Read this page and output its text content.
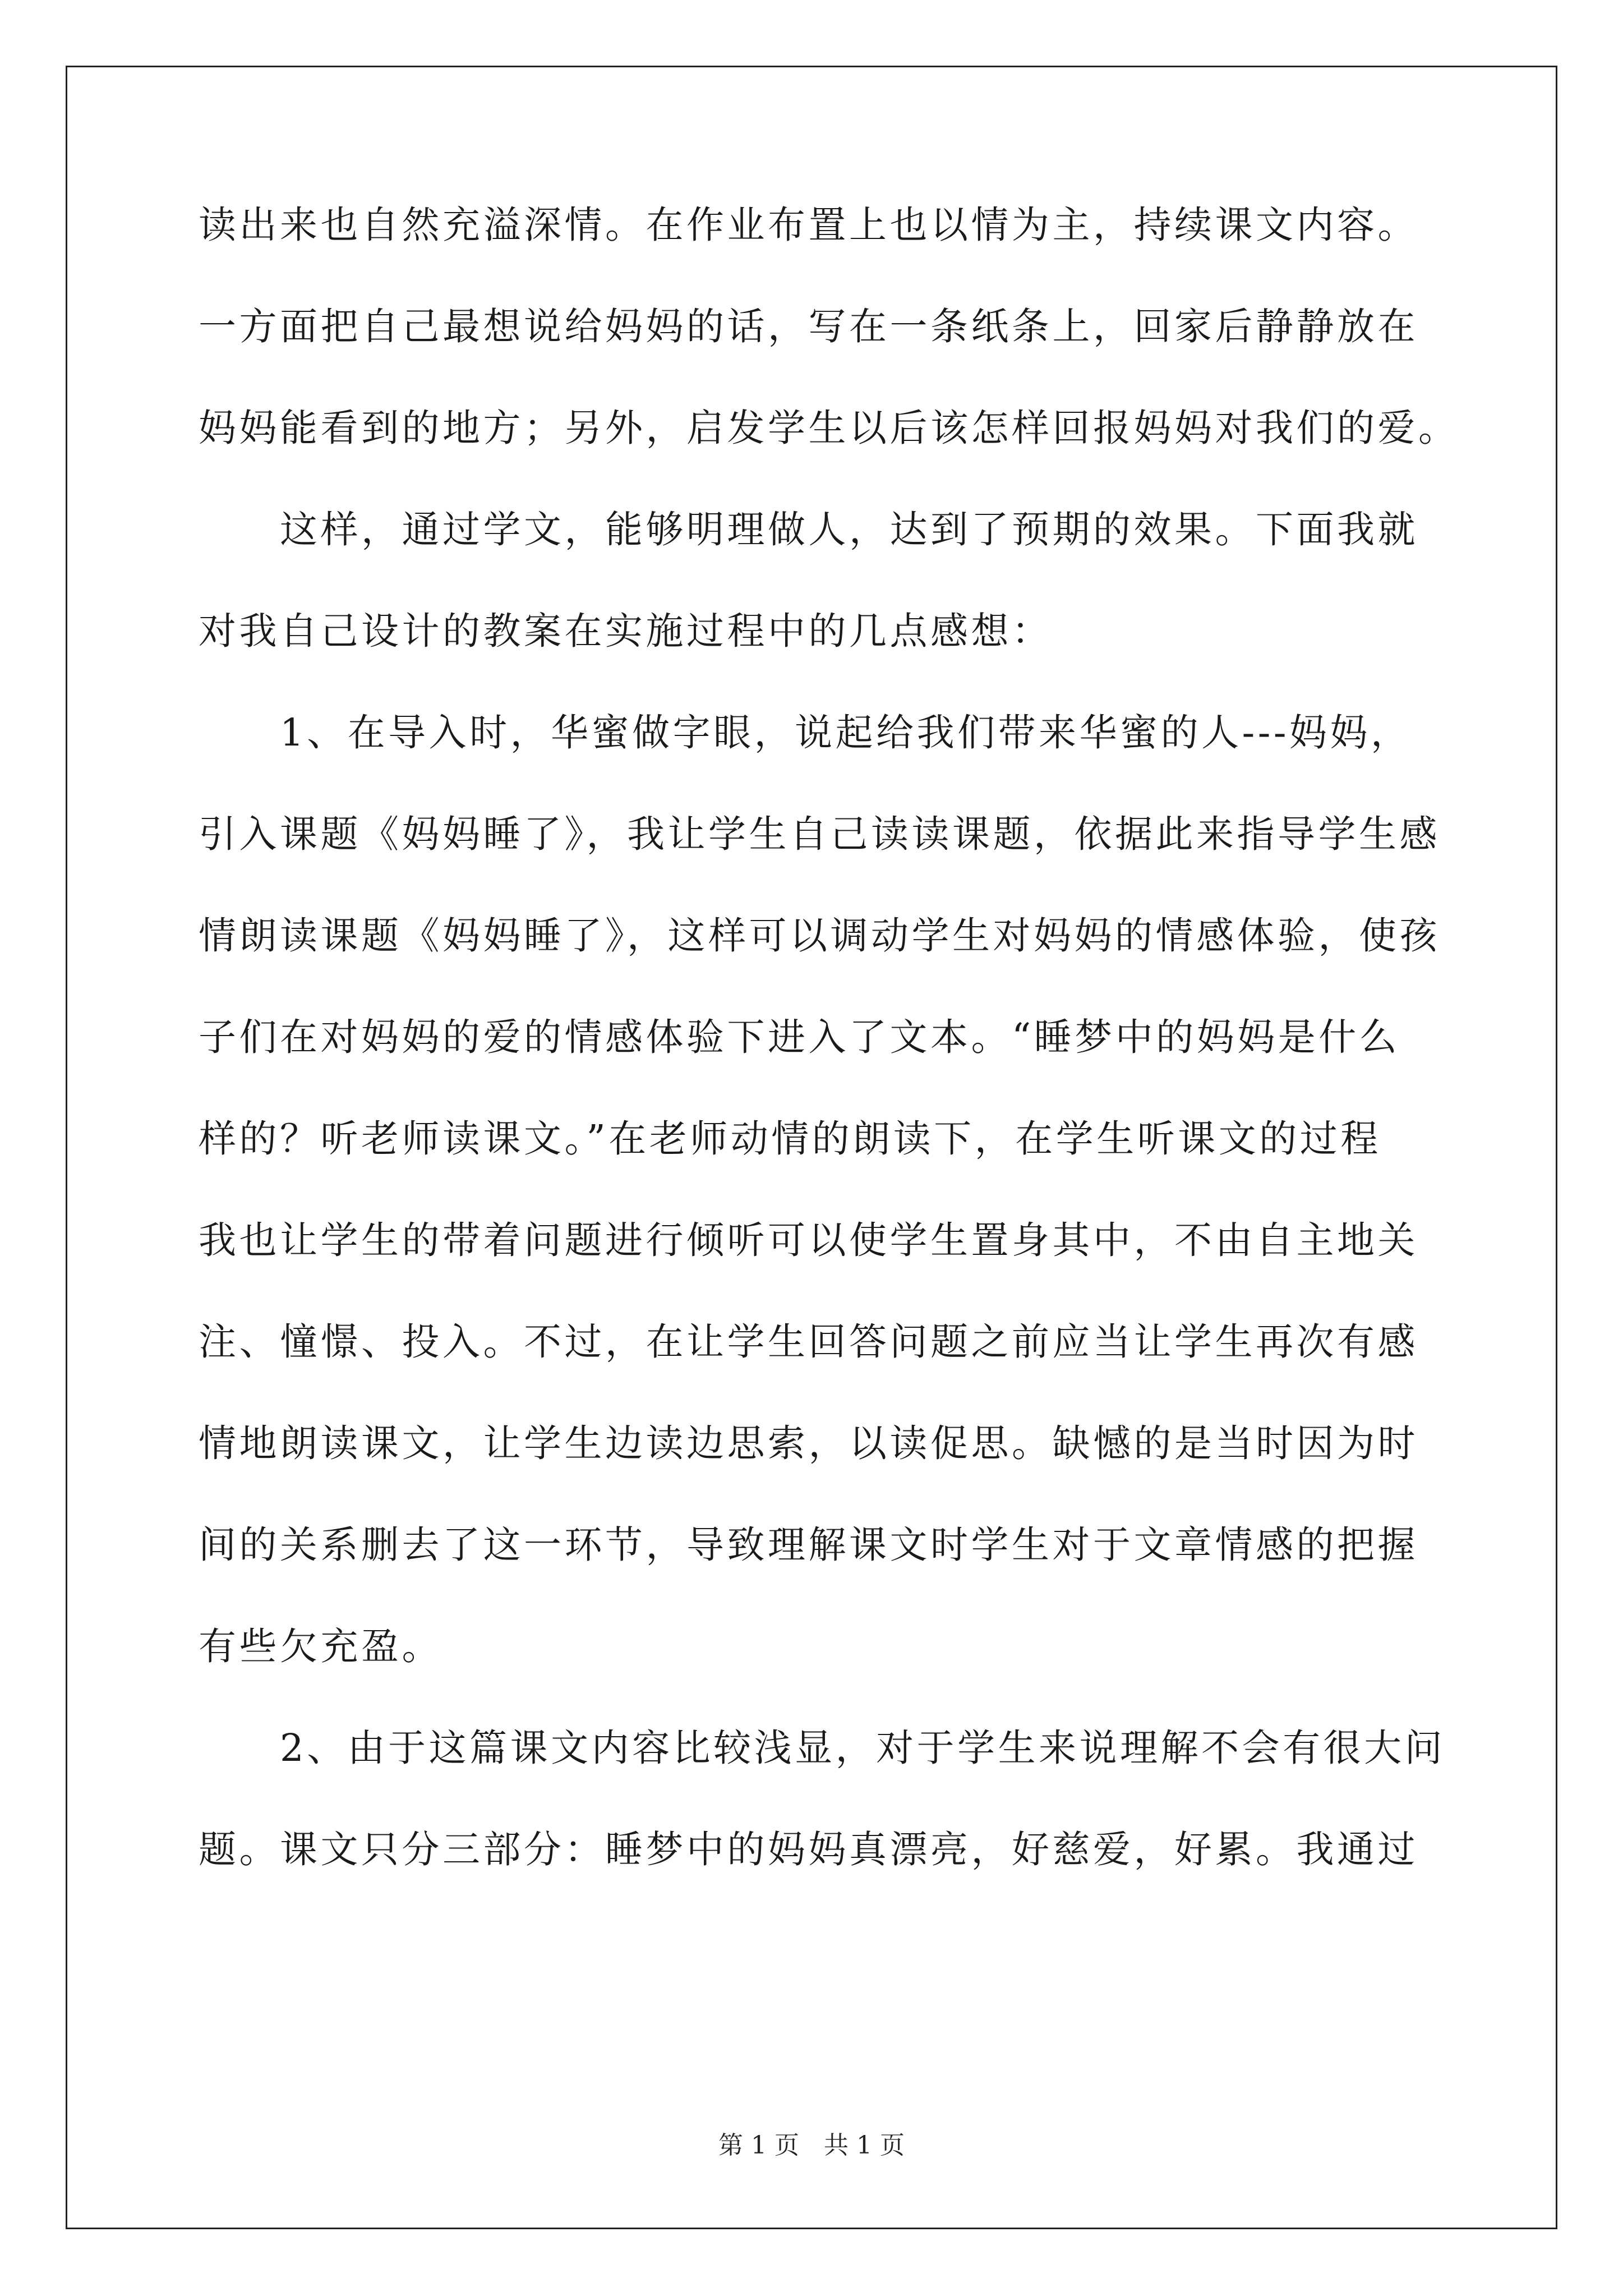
读出来也自然充溢深情。在作业布置上也以情为主，持续课文内容。
一方面把自己最想说给妈妈的话，写在一条纸条上，回家后静静放在
妈妈能看到的地方；另外，启发学生以后该怎样回报妈妈对我们的爱。
　　这样，通过学文，能够明理做人，达到了预期的效果。下面我就
对我自己设计的教案在实施过程中的几点感想：
　　1、在导入时，华蜜做字眼，说起给我们带来华蜜的人---妈妈，
引入课题《妈妈睡了》，我让学生自己读读课题，依据此来指导学生感
情朗读课题《妈妈睡了》，这样可以调动学生对妈妈的情感体验，使孩
子们在对妈妈的爱的情感体验下进入了文本。“睡梦中的妈妈是什么
样的？听老师读课文。”在老师动情的朗读下，在学生听课文的过程
我也让学生的带着问题进行倾听可以使学生置身其中，不由自主地关
注、憧憬、投入。不过，在让学生回答问题之前应当让学生再次有感
情地朗读课文，让学生边读边思索，以读促思。缺憾的是当时因为时
间的关系删去了这一环节，导致理解课文时学生对于文章情感的把握
有些欠充盈。
　　2、由于这篇课文内容比较浅显，对于学生来说理解不会有很大问
题。课文只分三部分：睡梦中的妈妈真漂亮，好慈爱，好累。我通过
第 1 页　共 1 页
